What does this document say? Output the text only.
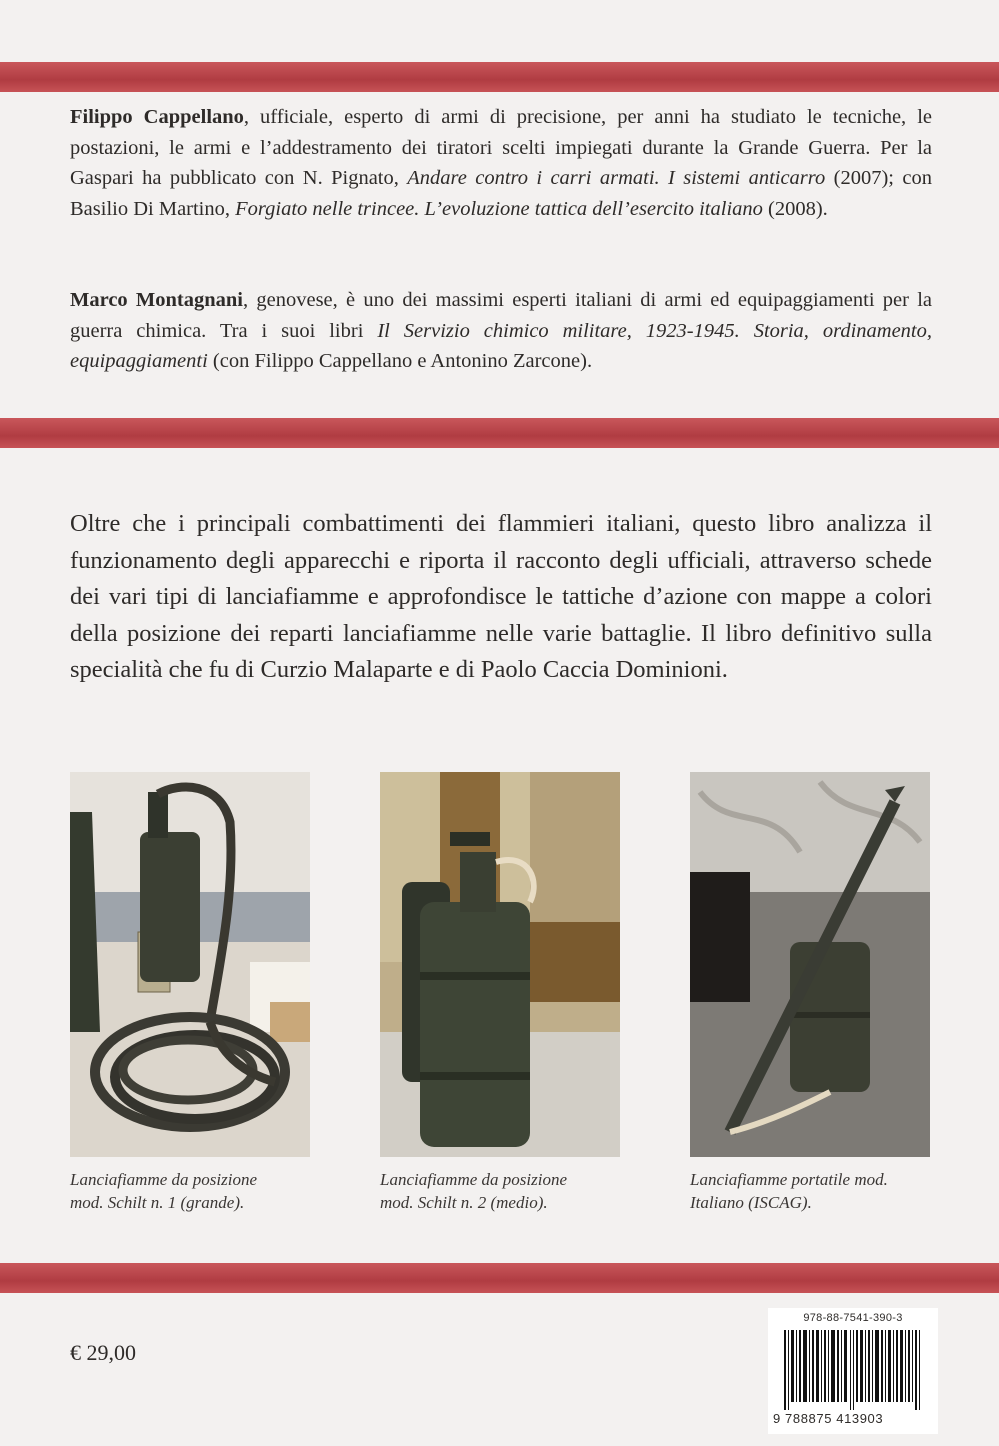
Filippo Cappellano, ufficiale, esperto di armi di precisione, per anni ha studiato le tecniche, le postazioni, le armi e l’addestramento dei tiratori scelti impiegati durante la Grande Guerra. Per la Gaspari ha pubblicato con N. Pignato, Andare contro i carri armati. I sistemi anticarro (2007); con Basilio Di Martino, Forgiato nelle trincee. L’evoluzione tattica dell’esercito italiano (2008).

Marco Montagnani, genovese, è uno dei massimi esperti italiani di armi ed equipaggiamenti per la guerra chimica. Tra i suoi libri Il Servizio chimico militare, 1923-1945. Storia, ordinamento, equipaggiamenti (con Filippo Cappellano e Antonino Zarcone).

Oltre che i principali combattimenti dei flammieri italiani, questo libro analizza il funzionamento degli apparecchi e riporta il racconto degli ufficiali, attraverso schede dei vari tipi di lanciafiamme e approfondisce le tattiche d’azione con mappe a colori della posizione dei reparti lanciafiamme nelle varie battaglie. Il libro definitivo sulla specialità che fu di Curzio Malaparte e di Paolo Caccia Dominioni.

Lanciafiamme da posizione
mod. Schilt n. 1 (grande).

Lanciafiamme da posizione
mod. Schilt n. 2 (medio).

Lanciafiamme portatile mod.
Italiano (ISCAG).

€ 29,00
978-88-7541-390-3
9 788875 413903
